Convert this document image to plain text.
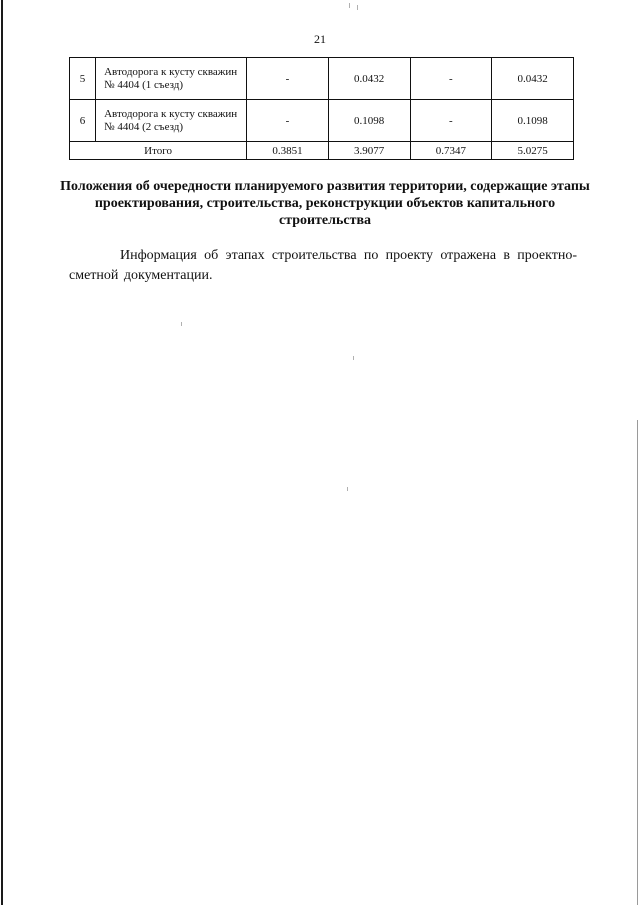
21
5	Автодорога к кусту скважин № 4404 (1 съезд)	-	0.0432	-	0.0432
6	Автодорога к кусту скважин № 4404 (2 съезд)	-	0.1098	-	0.1098
Итого		0.3851	3.9077	0.7347	5.0275
Положения об очередности планируемого развития территории, содержащие этапы проектирования, строительства, реконструкции объектов капитального строительства
Информация об этапах строительства по проекту отражена в проектно-сметной документации.
